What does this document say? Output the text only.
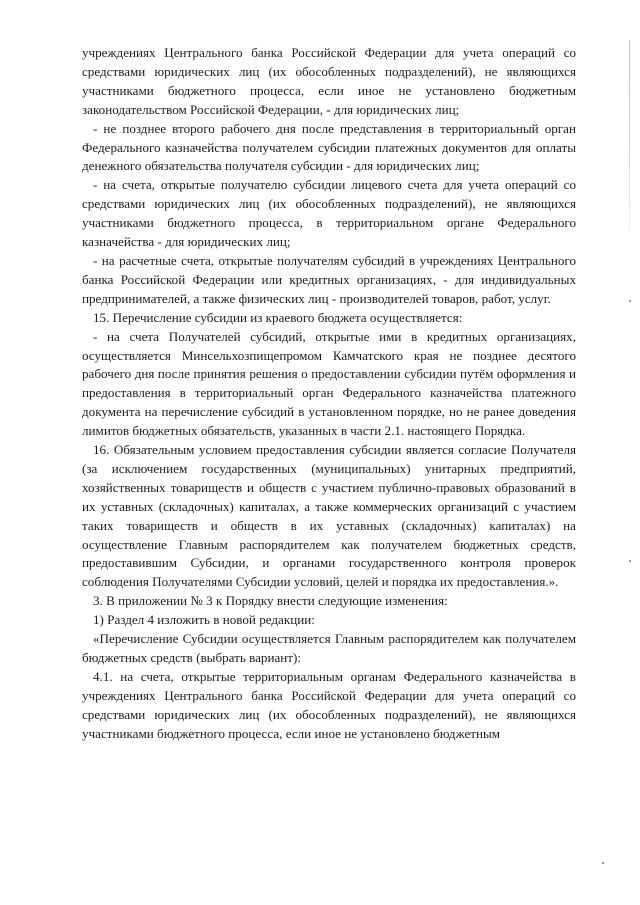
учреждениях Центрального банка Российской Федерации для учета операций со средствами юридических лиц (их обособленных подразделений), не являющихся участниками бюджетного процесса, если иное не установлено бюджетным законодательством Российской Федерации, - для юридических лиц;

- не позднее второго рабочего дня после представления в территориальный орган Федерального казначейства получателем субсидии платежных документов для оплаты денежного обязательства получателя субсидии - для юридических лиц;

- на счета, открытые получателю субсидии лицевого счета для учета операций со средствами юридических лиц (их обособленных подразделений), не являющихся участниками бюджетного процесса, в территориальном органе Федерального казначейства - для юридических лиц;

- на расчетные счета, открытые получателям субсидий в учреждениях Центрального банка Российской Федерации или кредитных организациях, - для индивидуальных предпринимателей, а также физических лиц - производителей товаров, работ, услуг.

15. Перечисление субсидии из краевого бюджета осуществляется:

- на счета Получателей субсидий, открытые ими в кредитных организациях, осуществляется Минсельхозпищепромом Камчатского края не позднее десятого рабочего дня после принятия решения о предоставлении субсидии путём оформления и предоставления в территориальный орган Федерального казначейства платежного документа на перечисление субсидий в установленном порядке, но не ранее доведения лимитов бюджетных обязательств, указанных в части 2.1. настоящего Порядка.

16. Обязательным условием предоставления субсидии является согласие Получателя (за исключением государственных (муниципальных) унитарных предприятий, хозяйственных товариществ и обществ с участием публично-правовых образований в их уставных (складочных) капиталах, а также коммерческих организаций с участием таких товариществ и обществ в их уставных (складочных) капиталах) на осуществление Главным распорядителем как получателем бюджетных средств, предоставившим Субсидии, и органами государственного контроля проверок соблюдения Получателями Субсидии условий, целей и порядка их предоставления.».

3. В приложении № 3 к Порядку внести следующие изменения:

1) Раздел 4 изложить в новой редакции:

«Перечисление Субсидии осуществляется Главным распорядителем как получателем бюджетных средств (выбрать вариант):

4.1. на счета, открытые территориальным органам Федерального казначейства в учреждениях Центрального банка Российской Федерации для учета операций со средствами юридических лиц (их обособленных подразделений), не являющихся участниками бюджетного процесса, если иное не установлено бюджетным
